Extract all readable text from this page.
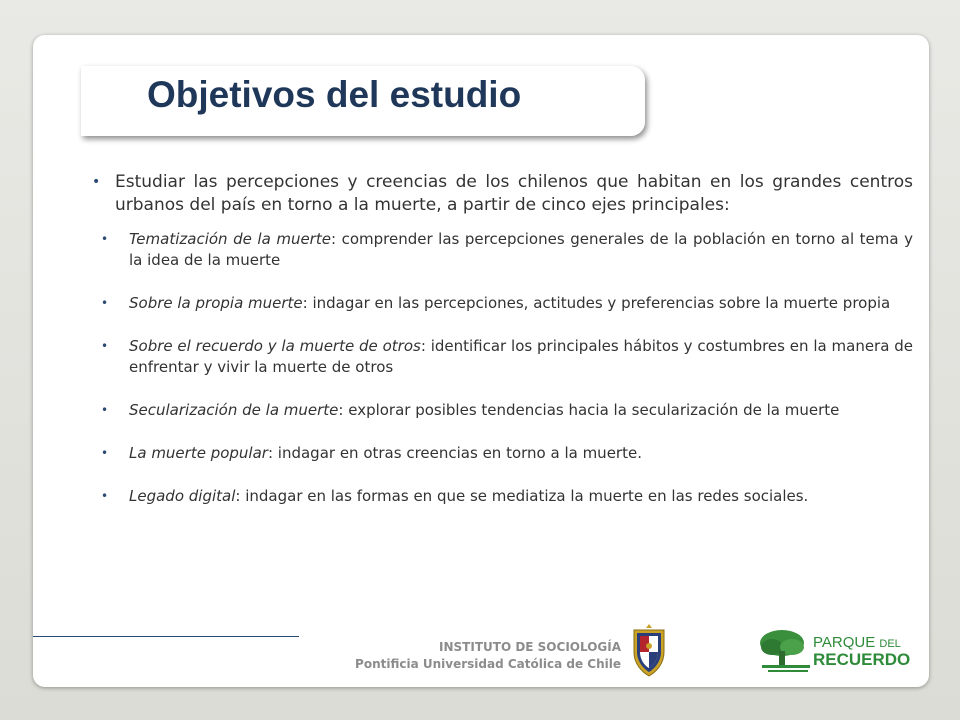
Objetivos del estudio

• Estudiar las percepciones y creencias de los chilenos que habitan en los grandes centros urbanos del país en torno a la muerte, a partir de cinco ejes principales:

• Tematización de la muerte: comprender las percepciones generales de la población en torno al tema y la idea de la muerte
• Sobre la propia muerte: indagar en las percepciones, actitudes y preferencias sobre la muerte propia
• Sobre el recuerdo y la muerte de otros: identificar los principales hábitos y costumbres en la manera de enfrentar y vivir la muerte de otros
• Secularización de la muerte: explorar posibles tendencias hacia la secularización de la muerte
• La muerte popular: indagar en otras creencias en torno a la muerte.
• Legado digital: indagar en las formas en que se mediatiza la muerte en las redes sociales.
INSTITUTO DE SOCIOLOGÍA
Pontificia Universidad Católica de Chile
PARQUE DEL
RECUERDO
